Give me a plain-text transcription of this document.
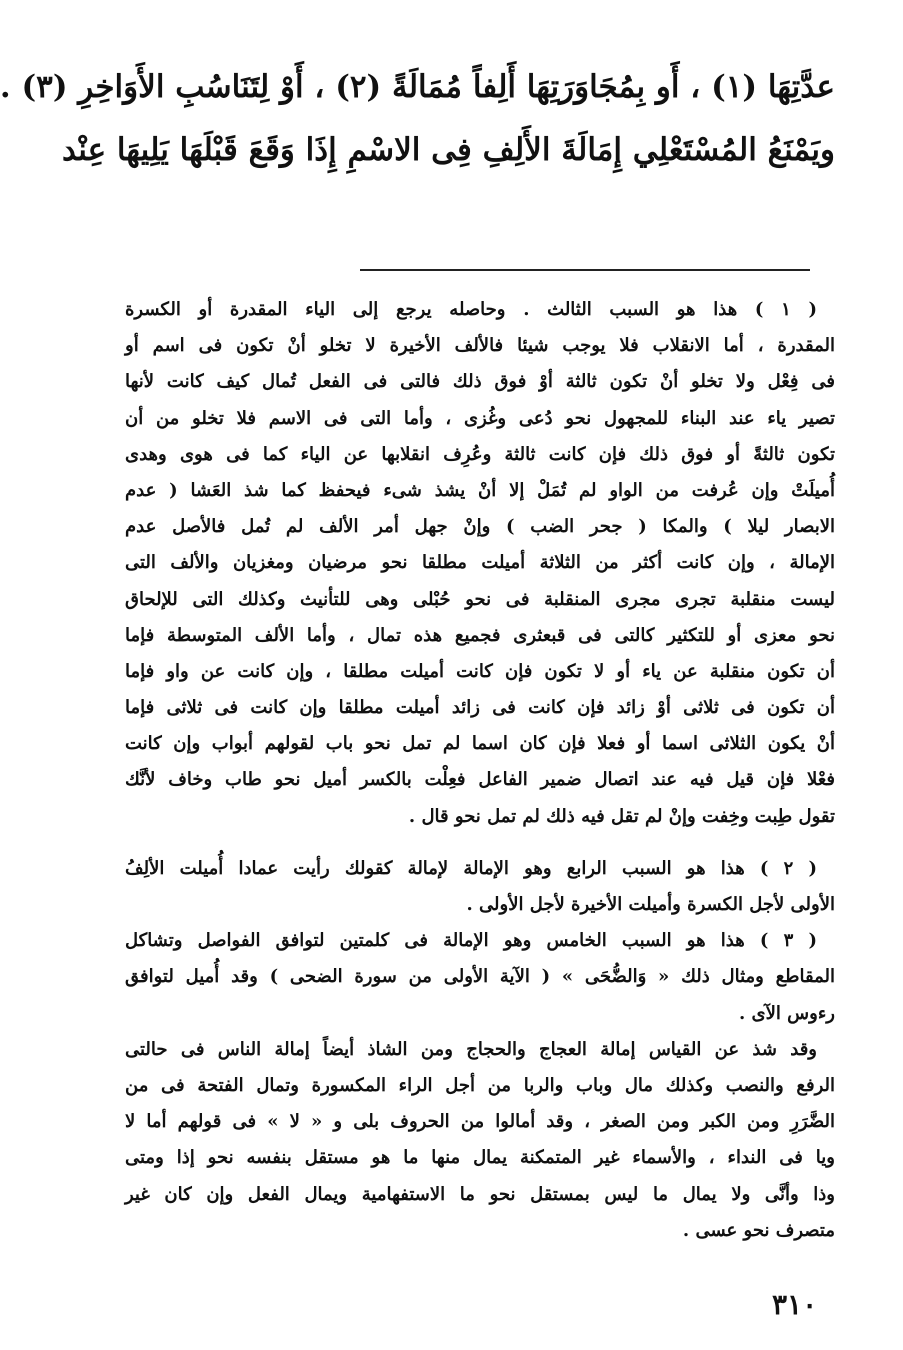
عدَّتِهَا (١) ، أَو بِمُجَاوَرَتِهَا أَلِفاً مُمَالَةً (٢) ، أَوْ لِتَنَاسُبِ الأَوَاخِرِ (٣) .
ويَمْنَعُ المُسْتَعْلِي إِمَالَةَ الأَلِفِ فِى الاسْمِ إِذَا وَقَعَ قَبْلَهَا يَلِيهَا عِنْد
( ١ ) هذا هو السبب الثالث . وحاصله يرجع إلى الياء المقدرة أو الكسرة
المقدرة ، أما الانقلاب فلا يوجب شيئا فالألف الأخيرة لا تخلو أنْ تكون فى اسم أو
فى فِعْل ولا تخلو أنْ تكون ثالثة أوْ فوق ذلك فالتى فى الفعل تُمال كيف كانت لأنها
تصير ياء عند البناء للمجهول نحو دُعى وغُزى ، وأما التى فى الاسم فلا تخلو من أن
تكون ثالثةً أو فوق ذلك فإن كانت ثالثة وعُرِف انقلابها عن الياء كما فى هوى وهدى
أُميلَتْ وإن عُرفت من الواو لم تُمَلْ إلا أنْ يشذ شىء فيحفظ كما شذ العَشا ( عدم
الابصار ليلا ) والمكا ( جحر الضب ) وإنْ جهل أمر الألف لم تُمل فالأصل عدم
الإمالة ، وإن كانت أكثر من الثلاثة أميلت مطلقا نحو مرضيان ومغزيان والألف التى
ليست منقلبة تجرى مجرى المنقلبة فى نحو حُبْلى وهى للتأنيث وكذلك التى للإلحاق
نحو معزى أو للتكثير كالتى فى قبعثرى فجميع هذه تمال ، وأما الألف المتوسطة فإما
أن تكون منقلبة عن ياء أو لا تكون فإن كانت أميلت مطلقا ، وإن كانت عن واو فإما
أن تكون فى ثلاثى أوْ زائد فإن كانت فى زائد أميلت مطلقا وإن كانت فى ثلاثى فإما
أنْ يكون الثلاثى اسما أو فعلا فإن كان اسما لم تمل نحو باب لقولهم أبواب وإن كانت
فعْلا فإن قيل فيه عند اتصال ضمير الفاعل فعِلْت بالكسر أميل نحو طاب وخاف لأنَّك
تقول طِبت وخِفت وإنْ لم تقل فيه ذلك لم تمل نحو قال .
( ٢ ) هذا هو السبب الرابع وهو الإمالة لإمالة كقولك رأيت عمادا أُميلت الألِفُ
الأولى لأجل الكسرة وأميلت الأخيرة لأجل الأولى .
( ٣ ) هذا هو السبب الخامس وهو الإمالة فى كلمتين لتوافق الفواصل وتشاكل
المقاطع ومثال ذلك « وَالضُّحَى » ( الآية الأولى من سورة الضحى ) وقد أُميل لتوافق
رءوس الآى .
وقد شذ عن القياس إمالة العجاج والحجاج ومن الشاذ أيضاً إمالة الناس فى حالتى
الرفع والنصب وكذلك مال وباب والربا من أجل الراء المكسورة وتمال الفتحة فى من
الضَّرَرِ ومن الكبر ومن الصغر ، وقد أمالوا من الحروف بلى و « لا » فى قولهم أما لا
ويا فى النداء ، والأسماء غير المتمكنة يمال منها ما هو مستقل بنفسه نحو إذا ومتى
وذا وأنَّى ولا يمال ما ليس بمستقل نحو ما الاستفهامية ويمال الفعل وإن كان غير
متصرف نحو عسى .
٣١٠
